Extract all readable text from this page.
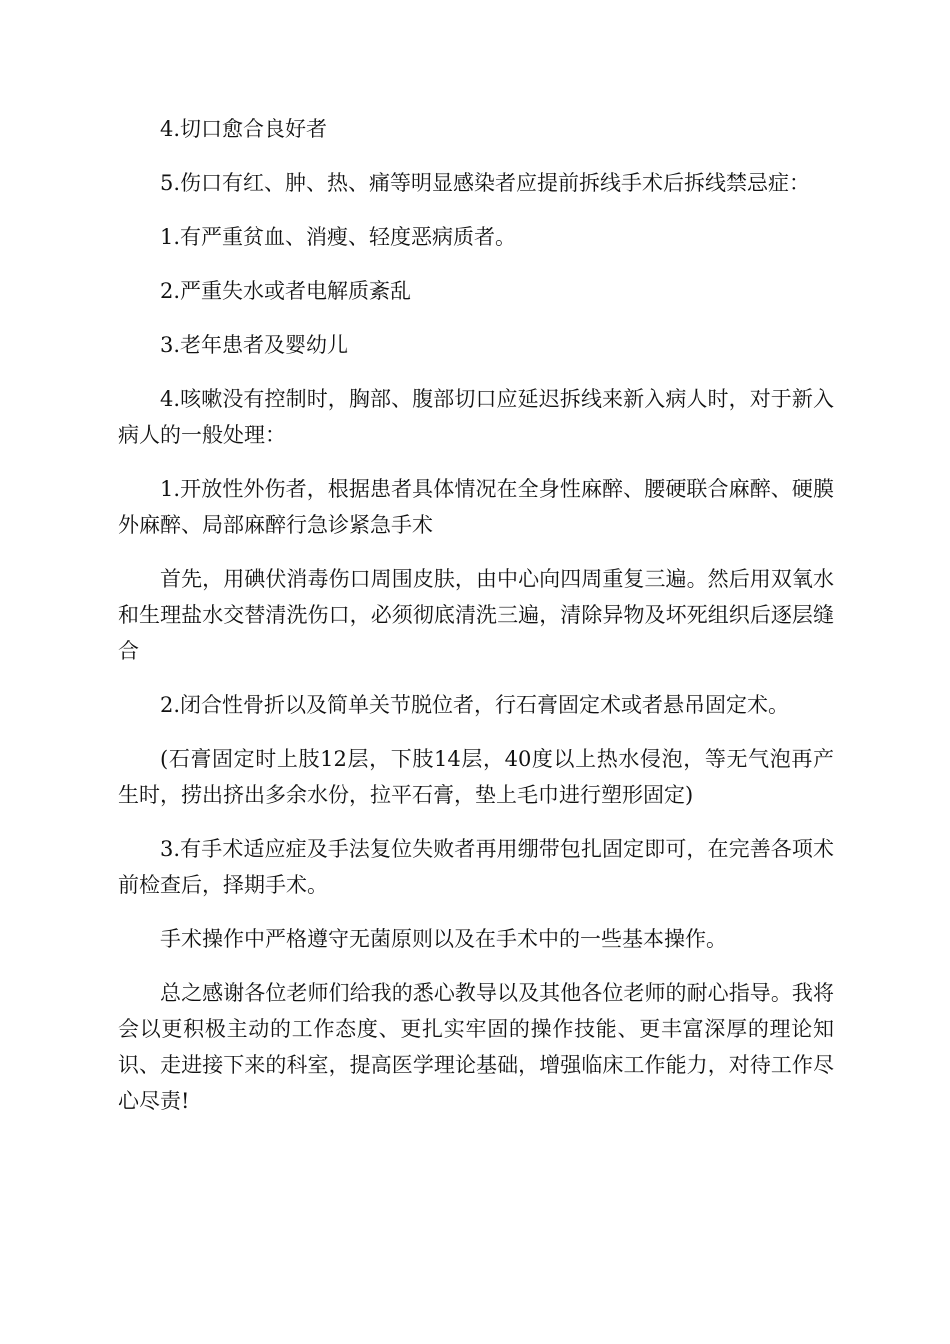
4.切口愈合良好者

5.伤口有红、肿、热、痛等明显感染者应提前拆线手术后拆线禁忌症：

1.有严重贫血、消瘦、轻度恶病质者。

2.严重失水或者电解质紊乱

3.老年患者及婴幼儿

4.咳嗽没有控制时，胸部、腹部切口应延迟拆线来新入病人时，对于新入病人的一般处理：

1.开放性外伤者，根据患者具体情况在全身性麻醉、腰硬联合麻醉、硬膜外麻醉、局部麻醉行急诊紧急手术

首先，用碘伏消毒伤口周围皮肤，由中心向四周重复三遍。然后用双氧水和生理盐水交替清洗伤口，必须彻底清洗三遍，清除异物及坏死组织后逐层缝合

2.闭合性骨折以及简单关节脱位者，行石膏固定术或者悬吊固定术。

(石膏固定时上肢12层，下肢14层，40度以上热水侵泡，等无气泡再产生时，捞出挤出多余水份，拉平石膏，垫上毛巾进行塑形固定)

3.有手术适应症及手法复位失败者再用绷带包扎固定即可，在完善各项术前检查后，择期手术。

手术操作中严格遵守无菌原则以及在手术中的一些基本操作。

总之感谢各位老师们给我的悉心教导以及其他各位老师的耐心指导。我将会以更积极主动的工作态度、更扎实牢固的操作技能、更丰富深厚的理论知识、走进接下来的科室，提高医学理论基础，增强临床工作能力，对待工作尽心尽责!
